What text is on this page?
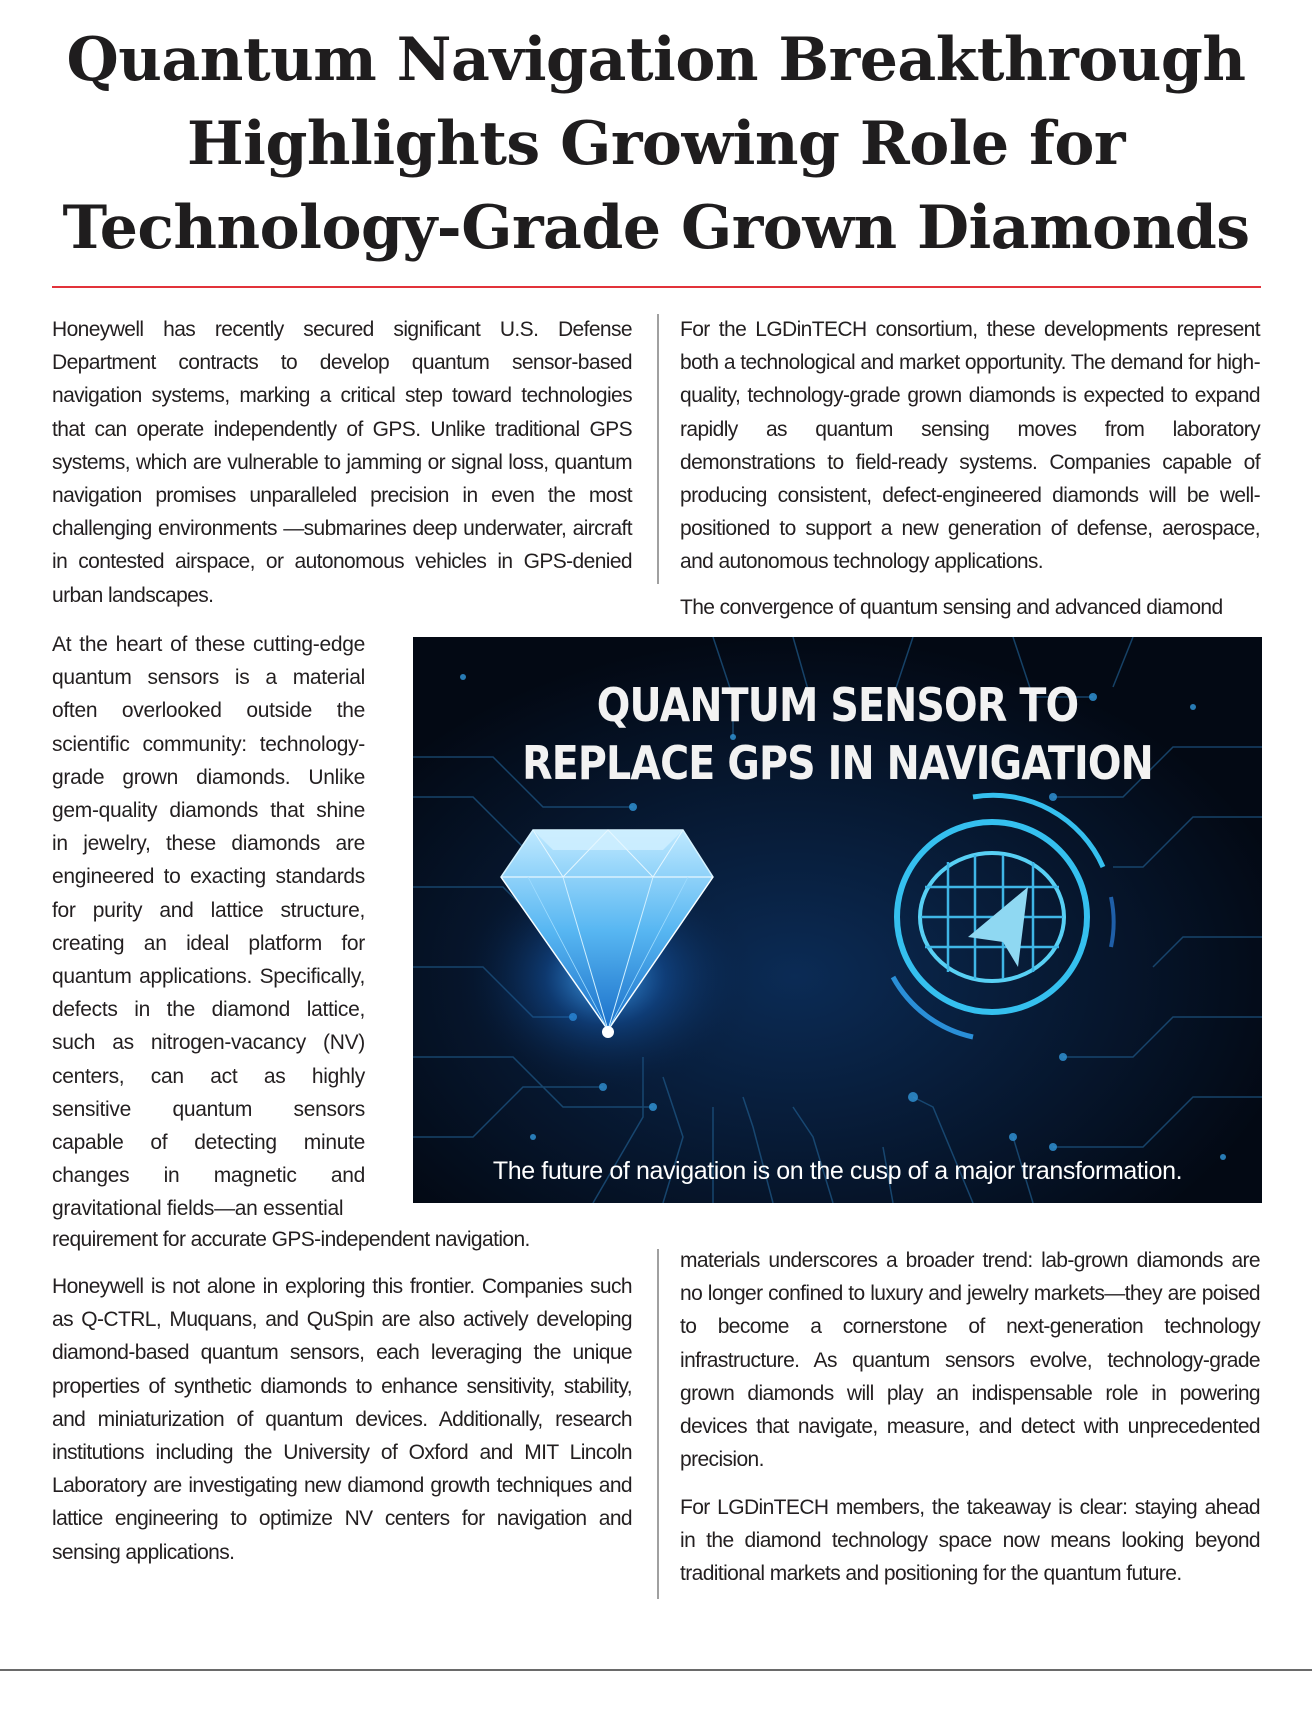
Quantum Navigation Breakthrough
Highlights Growing Role for
Technology-Grade Grown Diamonds

Honeywell has recently secured significant U.S. Defense Department contracts to develop quantum sensor-based navigation systems, marking a critical step toward technologies that can operate independently of GPS. Unlike traditional GPS systems, which are vulnerable to jamming or signal loss, quantum navigation promises unparalleled precision in even the most challenging environments —submarines deep underwater, aircraft in contested airspace, or autonomous vehicles in GPS-denied urban landscapes.

At the heart of these cutting-edge quantum sensors is a material often overlooked outside the scientific community: technology-grade grown diamonds. Unlike gem-quality diamonds that shine in jewelry, these diamonds are engineered to exacting standards for purity and lattice structure, creating an ideal platform for quantum applications. Specifically, defects in the diamond lattice, such as nitrogen-vacancy (NV) centers, can act as highly sensitive quantum sensors capable of detecting minute changes in magnetic and gravitational fields—an essential

requirement for accurate GPS-independent navigation.

Honeywell is not alone in exploring this frontier. Companies such as Q-CTRL, Muquans, and QuSpin are also actively developing diamond-based quantum sensors, each leveraging the unique properties of synthetic diamonds to enhance sensitivity, stability, and miniaturization of quantum devices. Additionally, research institutions including the University of Oxford and MIT Lincoln Laboratory are investigating new diamond growth techniques and lattice engineering to optimize NV centers for navigation and sensing applications.

For the LGDinTECH consortium, these developments represent both a technological and market opportunity. The demand for high-quality, technology-grade grown diamonds is expected to expand rapidly as quantum sensing moves from laboratory demonstrations to field-ready systems. Companies capable of producing consistent, defect-engineered diamonds will be well-positioned to support a new generation of defense, aerospace, and autonomous technology applications.

The convergence of quantum sensing and advanced diamond

materials underscores a broader trend: lab-grown diamonds are no longer confined to luxury and jewelry markets—they are poised to become a cornerstone of next-generation technology infrastructure. As quantum sensors evolve, technology-grade grown diamonds will play an indispensable role in powering devices that navigate, measure, and detect with unprecedented precision.

For LGDinTECH members, the takeaway is clear: staying ahead in the diamond technology space now means looking beyond traditional markets and positioning for the quantum future.

QUANTUM SENSOR TO
REPLACE GPS IN NAVIGATION
The future of navigation is on the cusp of a major transformation.
